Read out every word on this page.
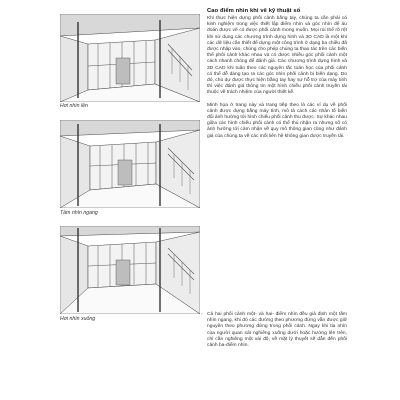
Hơi nhìn lên
Tầm nhìn ngang
Hơi nhìn xuống
Cao điểm nhìn khi vẽ kỹ thuật số

Khi thực hiện dựng phối cảnh bằng tay, chúng ta cần phải có kinh nghiệm trong việc thiết lập điểm nhìn và góc nhìn để áu đoán được vẽ có được phối cảnh mong muốn. Mọi rủi thể rõ rệt khi sử dụng các chương trình dựng hình và 3D CAD là một khi các dữ liệu cần thiết để dựng một công trình ở dạng ba chiều đã được nhập vào, chúng cho phép chúng ta thao tác trên các biến thể phối cảnh khác nhau và có được nhiều góc phối cảnh một cách nhanh chóng để đánh giá. Các chương trình dựng hình và 3D CAD khi tuân theo các nguyên tắc toán học của phối cảnh có thể dễ dàng tạo ra các góc nhìn phối cảnh bị biến dạng. Do đó, chủ dự được thực hiện bằng tay hay sự hỗ trợ của máy tính thì việc đánh giá thông tin một hình chiếu phối cảnh truyền tải thuộc về trách nhiệm của người thiết kế.

Minh họa ở trang này và trang tiếp theo là các ví dụ về phối cảnh được dựng bằng máy tính, mô tả cách các nhân tố biến đổi ảnh hưởng tới hình chiếu phối cảnh thu được. Sự khác nhau giữa các hình chiếu phối cảnh có thể thú nhận ra nhưng số có ảnh hưởng tới cảm nhận về quy mô thông gian cũng như đánh giá của chúng ta về các mối liên hệ không gian được truyền tải.

- Cả hai phối cảnh một- và hai- điểm nhìn đều giả định một tầm nhìn ngang, khi đó các đường theo phương đứng vẫn được giữ nguyên theo phương đứng trong phối cảnh. Ngay khi tia nhìn của người quan sát nghiêng xuống dưới hoặc hướng lên trên, chỉ cần nghiêng một vài độ, về mặt lý thuyết sẽ dẫn đến phối cảnh ba-điểm nhìn.
